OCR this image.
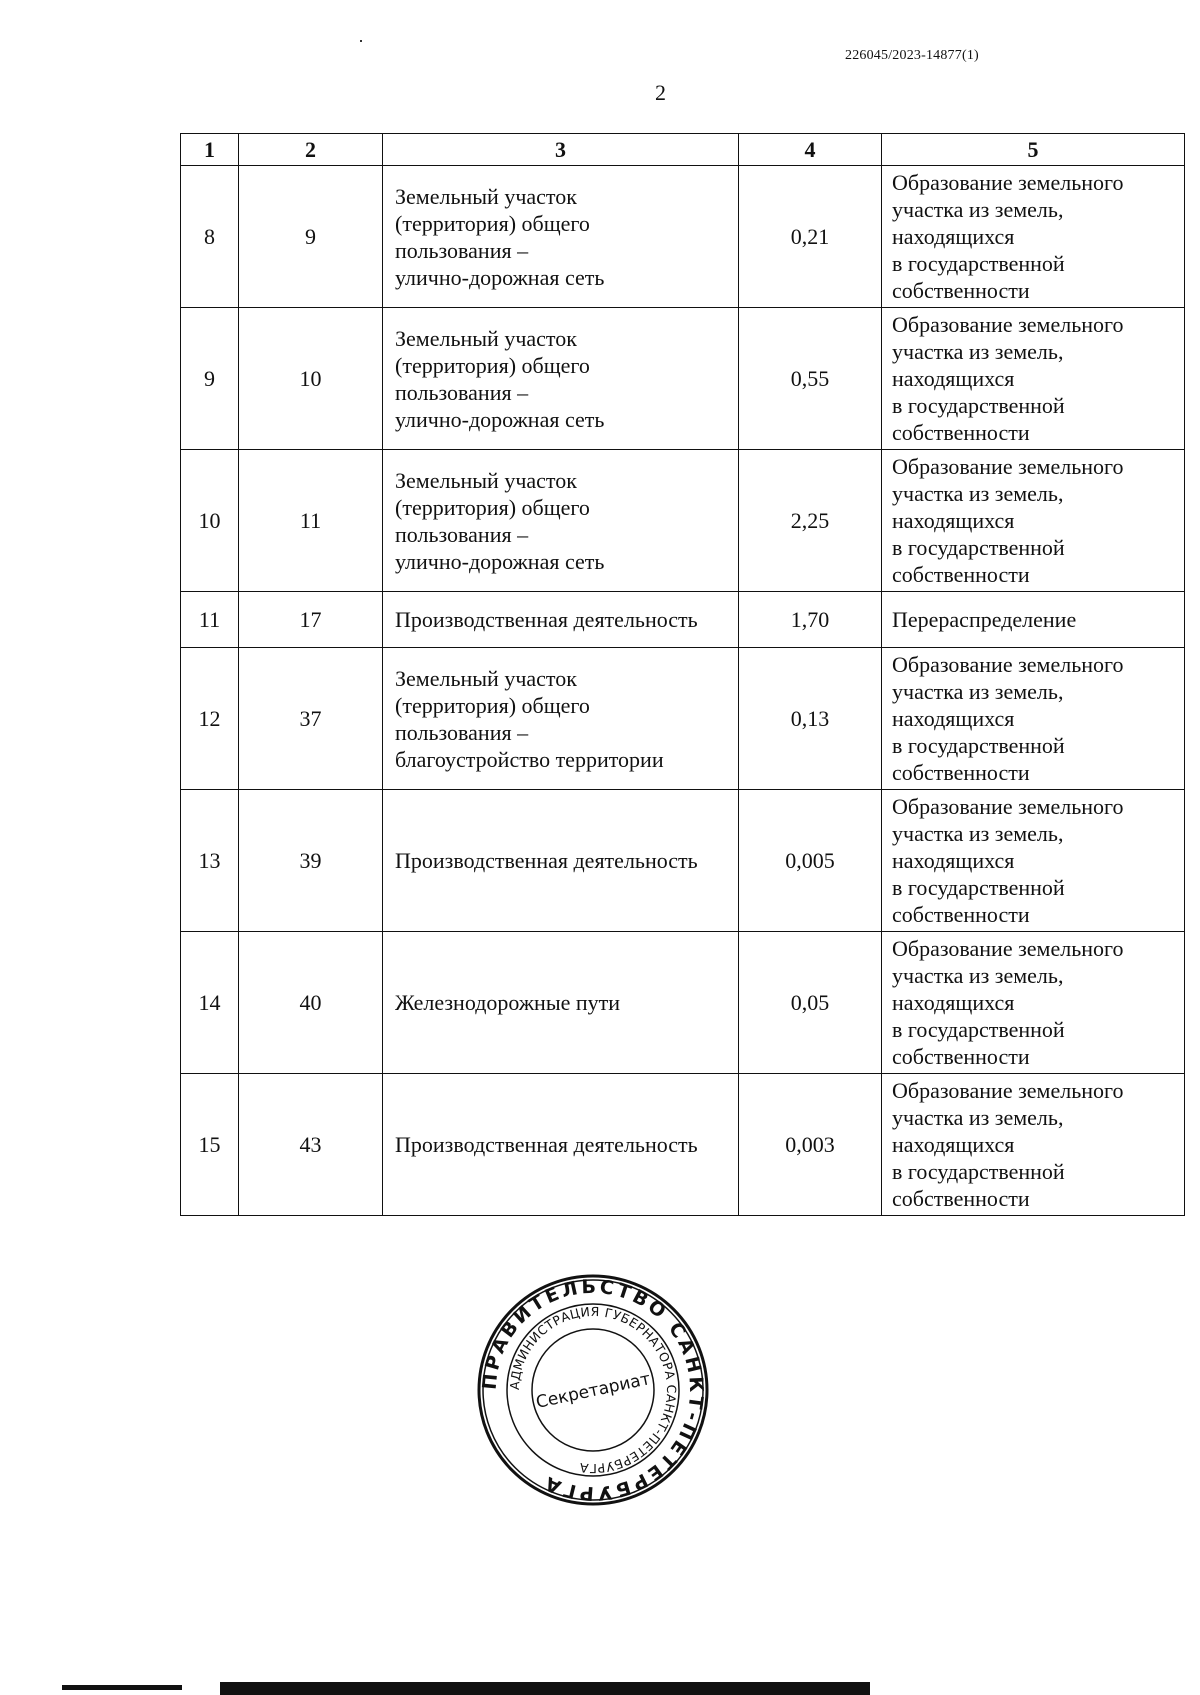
226045/2023-14877(1)
2
1	2	3	4	5
8	9	Земельный участок
(территория) общего
пользования –
улично-дорожная сеть	0,21	Образование земельного
участка из земель,
находящихся
в государственной
собственности

9	10	Земельный участок
(территория) общего
пользования –
улично-дорожная сеть	0,55	Образование земельного
участка из земель,
находящихся
в государственной
собственности

10	11	Земельный участок
(территория) общего
пользования –
улично-дорожная сеть	2,25	Образование земельного
участка из земель,
находящихся
в государственной
собственности

11	17	Производственная деятельность	1,70	Перераспределение

12	37	Земельный участок
(территория) общего
пользования –
благоустройство территории	0,13	Образование земельного
участка из земель,
находящихся
в государственной
собственности

13	39	Производственная деятельность	0,005	Образование земельного
участка из земель,
находящихся
в государственной
собственности

14	40	Железнодорожные пути	0,05	Образование земельного
участка из земель,
находящихся
в государственной
собственности

15	43	Производственная деятельность	0,003	Образование земельного
участка из земель,
находящихся
в государственной
собственности
ПРАВИТЕЛЬСТВО САНКТ-ПЕТЕРБУРГА
АДМИНИСТРАЦИЯ ГУБЕРНАТОРА САНКТ-ПЕТЕРБУРГА
Секретариат
